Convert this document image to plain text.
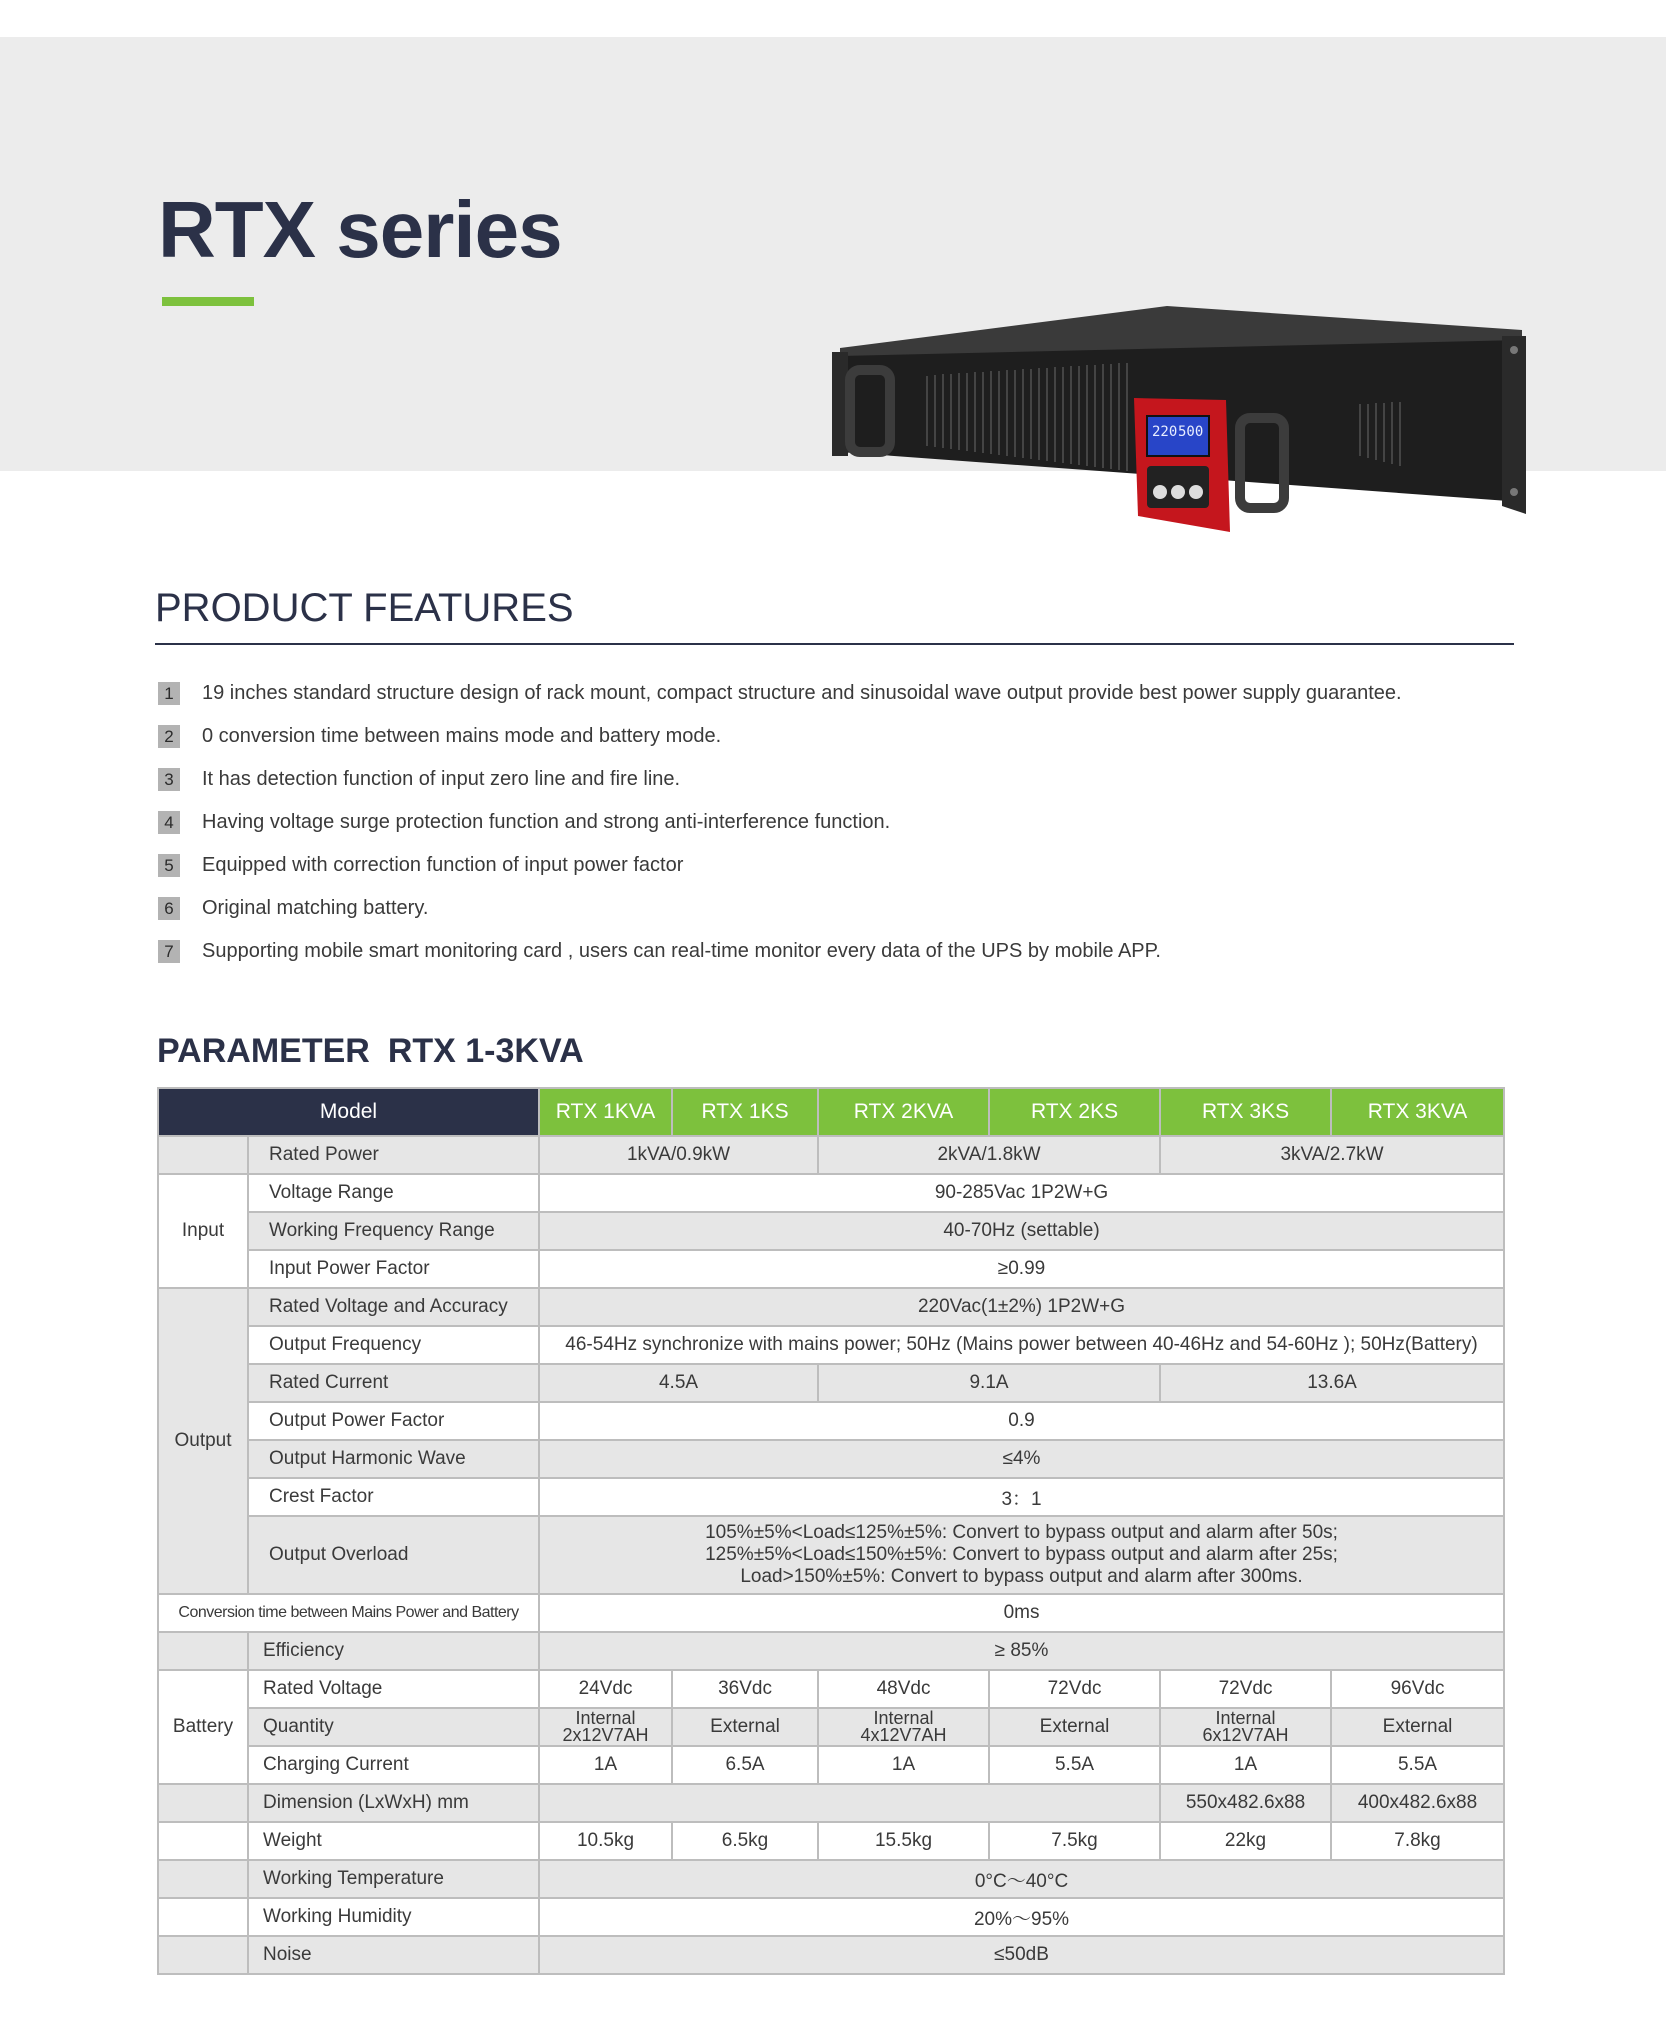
RTX series
220 500
PRODUCT FEATURES
1	19 inches standard structure design of rack mount, compact structure and sinusoidal wave output provide best power supply guarantee.
2	0 conversion time between mains mode and battery mode.
3	It has detection function of input zero line and fire line.
4	Having voltage surge protection function and strong anti-interference function.
5	Equipped with correction function of input power factor
6	Original matching battery.
7	Supporting mobile smart monitoring card , users can real-time monitor every data of the UPS by mobile APP.
PARAMETER RTX 1-3KVA
Model		RTX 1KVA	RTX 1KS	RTX 2KVA	RTX 2KS	RTX 3KS	RTX 3KVA
	Rated Power	1kVA/0.9kW		2kVA/1.8kW		3kVA/2.7kW	
Input	Voltage Range	90-285Vac 1P2W+G					
	Working Frequency Range	40-70Hz (settable)					
	Input Power Factor	≥0.99					
Output	Rated Voltage and Accuracy	220Vac(1±2%) 1P2W+G					
	Output Frequency	46-54Hz synchronize with mains power; 50Hz (Mains power between 40-46Hz and 54-60Hz ); 50Hz(Battery)					
	Rated Current	4.5A		9.1A		13.6A	
	Output Power Factor	0.9					
	Output Harmonic Wave	≤4%					
	Crest Factor	3：1					
	Output Overload	105%±5%<Load≤125%±5%: Convert to bypass output and alarm after 50s;
125%±5%<Load≤150%±5%: Convert to bypass output and alarm after 25s;
Load>150%±5%: Convert to bypass output and alarm after 300ms.					

Conversion time between Mains Power and Battery		0ms					
	Efficiency	≥ 85%					
Battery	Rated Voltage	24Vdc	36Vdc	48Vdc	72Vdc	72Vdc	96Vdc
	Quantity	Internal
2x12V7AH	External	Internal
4x12V7AH	External	Internal
6x12V7AH	External
	Charging Current	1A	6.5A	1A	5.5A	1A	5.5A
	Dimension (LxWxH) mm					550x482.6x88	400x482.6x88
	Weight	10.5kg	6.5kg	15.5kg	7.5kg	22kg	7.8kg
	Working Temperature	0°C～40°C					
	Working Humidity	20%～95%					
	Noise	≤50dB					
